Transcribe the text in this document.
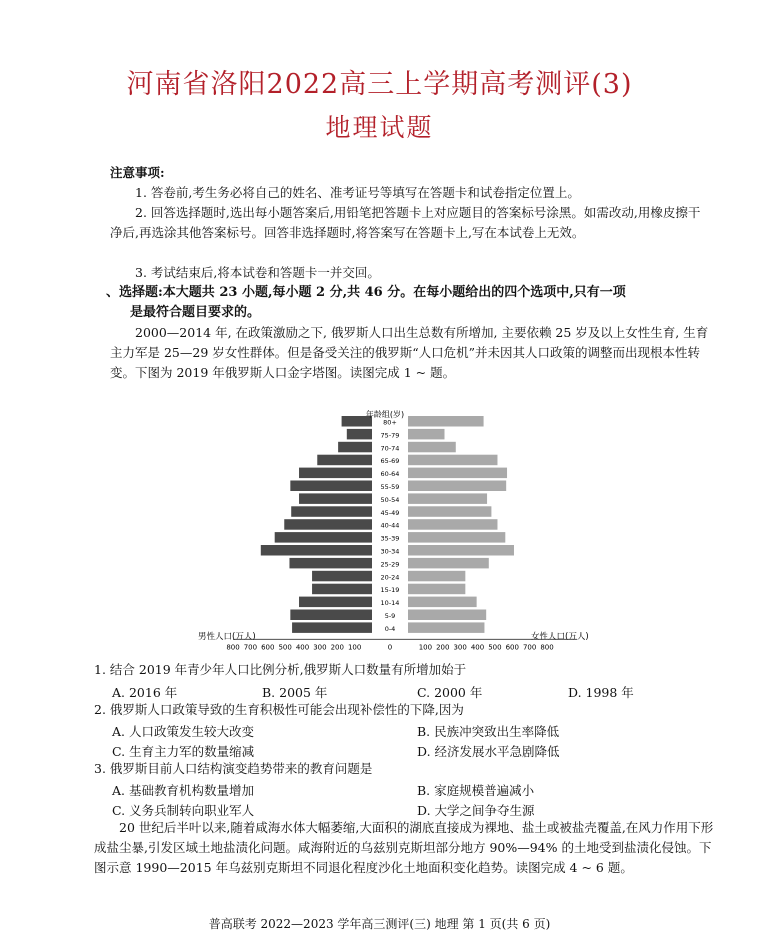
河南省洛阳2022高三上学期高考测评(3)
地理试题
注意事项:
1. 答卷前,考生务必将自己的姓名、准考证号等填写在答题卡和试卷指定位置上。
2. 回答选择题时,选出每小题答案后,用铅笔把答题卡上对应题目的答案标号涂黑。如需改动,用橡皮擦干净后,再选涂其他答案标号。回答非选择题时,将答案写在答题卡上,写在本试卷上无效。
3. 考试结束后,将本试卷和答题卡一并交回。
、选择题:本大题共 23 小题,每小题 2 分,共 46 分。在每小题给出的四个选项中,只有一项
是最符合题目要求的。
2000—2014 年, 在政策激励之下, 俄罗斯人口出生总数有所增加, 主要依赖 25 岁及以上女性生育, 生育主力军是 25—29 岁女性群体。但是备受关注的俄罗斯“人口危机”并未因其人口政策的调整而出现根本性转变。下图为 2019 年俄罗斯人口金字塔图。读图完成 1 ~ 题。
0-4
5-9
10-14
15-19
20-24
25-29
30-34
35-39
40-44
45-49
50-54
55-59
60-64
65-69
70-74
75-79
80+
年龄组(岁)
男性人口(万人)	女性人口(万人)
800 700 600 500 400 300 200 100	0	100 200 300 400 500 600 700 800
1. 结合 2019 年青少年人口比例分析,俄罗斯人口数量有所增加始于
A. 2016 年	B. 2005 年	C. 2000 年	D. 1998 年
2. 俄罗斯人口政策导致的生育积极性可能会出现补偿性的下降,因为
A. 人口政策发生较大改变	B. 民族冲突致出生率降低
C. 生育主力军的数量缩减	D. 经济发展水平急剧降低
3. 俄罗斯目前人口结构演变趋势带来的教育问题是
A. 基础教育机构数量增加	B. 家庭规模普遍减小
C. 义务兵制转向职业军人	D. 大学之间争夺生源
20 世纪后半叶以来,随着咸海水体大幅萎缩,大面积的湖底直接成为裸地、盐土或被盐壳覆盖,在风力作用下形成盐尘暴,引发区域土地盐渍化问题。咸海附近的乌兹别克斯坦部分地方 90%—94% 的土地受到盐渍化侵蚀。下图示意 1990—2015 年乌兹别克斯坦不同退化程度沙化土地面积变化趋势。读图完成 4 ~ 6 题。
普高联考 2022—2023 学年高三测评(三) 地理 第 1 页(共 6 页)
